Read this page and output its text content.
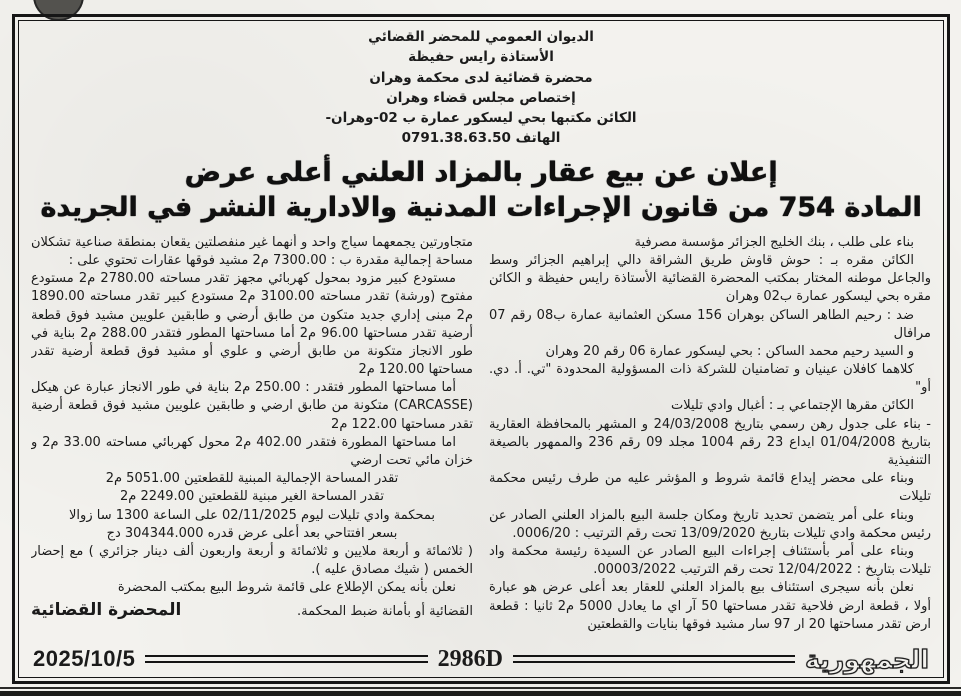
الديوان العمومي للمحضر القضائي

الأستاذة رايس حفيظة

محضرة قضائية لدى محكمة وهران

إختصاص مجلس قضاء وهران

الكائن مكتبها بحي ليسكور عمارة ب 02-وهران-

الهاتف 0791.38.63.50

إعلان عن بيع عقار بالمزاد العلني أعلى عرض

المادة 754 من قانون الإجراءات المدنية والادارية النشر في الجريدة

بناء على طلب ، بنك الخليج الجزائر مؤسسة مصرفية

الكائن مقره بـ : حوش قاوش طريق الشراقة دالي إبراهيم الجزائر وسط والجاعل موطنه المختار بمكتب المحضرة القضائية الأستاذة رايس حفيظة و الكائن مقره بحي ليسكور عمارة ب02 وهران

ضد : رحيم الطاهر الساكن بوهران 156 مسكن العثمانية عمارة ب08 رقم 07 مرافال

و السيد رحيم محمد الساكن : بحي ليسكور عمارة 06 رقم 20 وهران

كلاهما كافلان عينيان و تضامنيان للشركة ذات المسؤولية المحدودة "تي. أ. دي. أو"

الكائن مقرها الإجتماعي بـ : أغبال وادي تليلات

- بناء على جدول رهن رسمي بتاريخ 24/03/2008 و المشهر بالمحافظة العقارية بتاريخ 01/04/2008 ايداع 23 رقم 1004 مجلد 09 رقم 236 والممهور بالصيغة التنفيذية

وبناء على محضر إيداع قائمة شروط و المؤشر عليه من طرف رئيس محكمة تليلات

وبناء على أمر يتضمن تحديد تاريخ ومكان جلسة البيع بالمزاد العلني الصادر عن رئيس محكمة وادي تليلات بتاريخ 13/09/2020 تحت رقم الترتيب : 0006/20.

وبناء على أمر بأستئناف إجراءات البيع الصادر عن السيدة رئيسة محكمة واد تليلات بتاريخ : 12/04/2022 تحت رقم الترتيب 00003/2022.

نعلن بأنه سيجرى استئناف بيع بالمزاد العلني للعقار بعد أعلى عرض هو عبارة أولا ، قطعة ارض فلاحية تقدر مساحتها 50 آر اي ما يعادل 5000 م2 ثانيا : قطعة ارض تقدر مساحتها 20 ار 97 سار مشيد فوقها بنايات والقطعتين

متجاورتين يجمعهما سياج واحد و أنهما غير منفصلتين يقعان بمنطقة صناعية تشكلان مساحة إجمالية مقدرة ب : 7300.00 م2 مشيد فوقها عقارات تحتوي على :

مستودع كبير مزود بمحول كهربائي مجهز تقدر مساحته 2780.00 م2 مستودع مفتوح (ورشة) تقدر مساحته 3100.00 م2 مستودع كبير تقدر مساحته 1890.00 م2 مبنى إداري جديد متكون من طابق أرضي و طابقين علويين مشيد فوق قطعة أرضية تقدر مساحتها 96.00 م2 أما مساحتها المطور فتقدر 288.00 م2 بناية في طور الانجاز متكونة من طابق أرضي و علوي أو مشيد فوق قطعة أرضية تقدر مساحتها 120.00 م2

أما مساحتها المطور فتقدر : 250.00 م2 بناية في طور الانجاز عبارة عن هيكل (CARCASSE) متكونة من طابق ارضي و طابقين علويين مشيد فوق قطعة أرضية تقدر مساحتها 122.00 م2

اما مساحتها المطورة فتقدر 402.00 م2 محول كهربائي مساحته 33.00 م2 و خزان مائي تحت ارضي

تقدر المساحة الإجمالية المبنية للقطعتين 5051.00 م2

تقدر المساحة الغير مبنية للقطعتين 2249.00 م2

بمحكمة وادي تليلات ليوم 02/11/2025 على الساعة 1300 سا زوالا

بسعر افتتاحي بعد أعلى عرض قدره 304344.000 دج

( ثلاثمائة و أربعة ملايين و ثلاثمائة و أربعة واربعون ألف دينار جزائري ) مع إحضار الخمس ( شيك مصادق عليه ).

نعلن بأنه يمكن الإطلاع على قائمة شروط البيع بمكتب المحضرة

القضائية أو بأمانة ضبط المحكمة.
المحضرة القضائية
الجمهورية
2986D
2025/10/5
